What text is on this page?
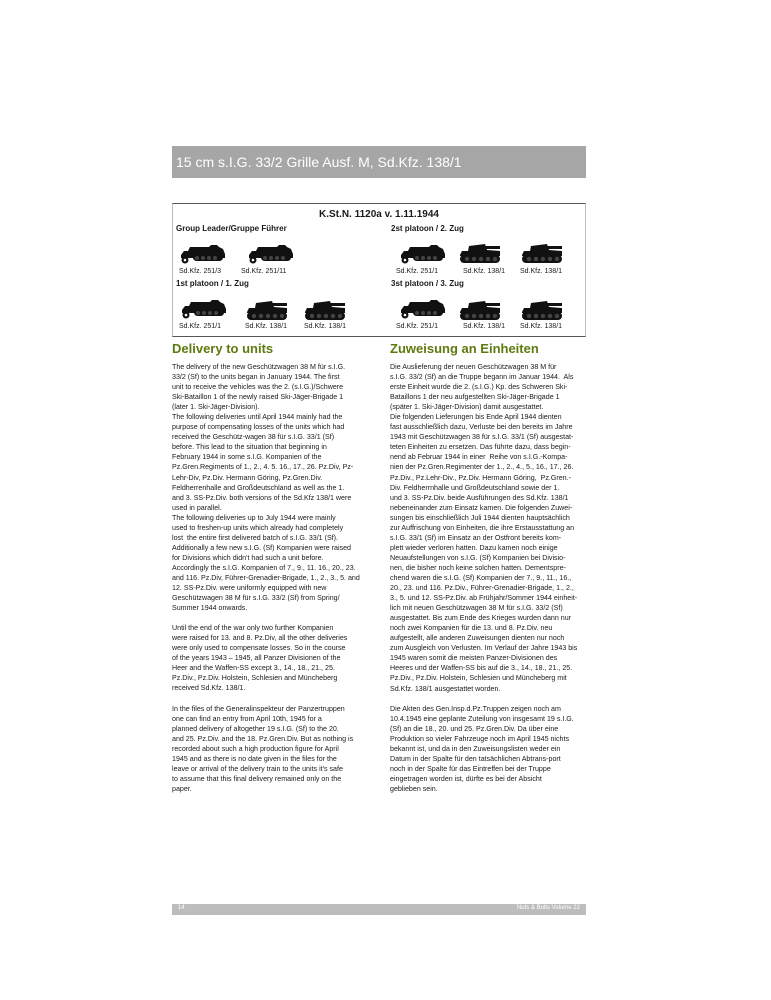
15 cm s.I.G. 33/2 Grille Ausf. M, Sd.Kfz. 138/1
K.St.N. 1120a v. 1.11.1944
Group Leader/Gruppe Führer
Sd.Kfz. 251/3	Sd.Kfz. 251/11
1st platoon / 1. Zug
Sd.Kfz. 251/1	Sd.Kfz. 138/1 Sd.Kfz. 138/1
2st platoon / 2. Zug
Sd.Kfz. 251/1	Sd.Kfz. 138/1 Sd.Kfz. 138/1
3st platoon / 3. Zug
Sd.Kfz. 251/1	Sd.Kfz. 138/1 Sd.Kfz. 138/1
Delivery to units	Zuweisung an Einheiten

The delivery of the new Geschützwagen 38 M für s.I.G.

33/2 (Sf) to the units began in January 1944. The first

unit to receive the vehicles was the 2. (s.I.G.)/Schwere

Ski-Bataillon 1 of the newly raised Ski-Jäger-Brigade 1

(later 1. Ski-Jäger-Division).

The following deliveries until April 1944 mainly had the

purpose of compensating losses of the units which had

received the Geschütz-wagen 38 für s.I.G. 33/1 (Sf)

before. This lead to the situation that beginning in

February 1944 in some s.I.G. Kompanien of the

Pz.Gren.Regiments of 1., 2., 4. 5. 16., 17., 26. Pz.Div, Pz-

Lehr-Div, Pz.Div. Hermann Göring, Pz.Gren.Div.

Feldherrenhalle and Großdeutschland as well as the 1.

and 3. SS-Pz.Div. both versions of the Sd.Kfz 138/1 were

used in parallel.

The following deliveries up to July 1944 were mainly

used to freshen-up units which already had completely

lost  the entire first delivered batch of s.I.G. 33/1 (Sf).

Additionally a few new s.I.G. (Sf) Kompanien were raised

for Divisions which didn't had such a unit before.

Accordingly the s.I.G. Kompanien of 7., 9., 11. 16., 20., 23.

and 116. Pz.Div, Führer-Grenadier-Brigade, 1., 2., 3., 5. and

12. SS-Pz.Div. were uniformly equipped with new

Geschützwagen 38 M für s.I.G. 33/2 (Sf) from Spring/

Summer 1944 onwards.

Until the end of the war only two further Kompanien

were raised for 13. and 8. Pz.Div, all the other deliveries

were only used to compensate losses. So in the course

of the years 1943 – 1945, all Panzer Divisionen of the

Heer and the Waffen-SS except 3., 14., 18., 21., 25.

Pz.Div., Pz.Div. Holstein, Schlesien and Müncheberg

received Sd.Kfz. 138/1.

In the files of the Generalinspekteur der Panzertruppen

one can find an entry from April 10th, 1945 for a

planned delivery of altogether 19 s.I.G. (Sf) to the 20.

and 25. Pz.Div. and the 18. Pz.Gren.Div. But as nothing is

recorded about such a high production figure for April

1945 and as there is no date given in the files for the

leave or arrival of the delivery train to the units it's safe

to assume that this final delivery remained only on the

paper.

Die Auslieferung der neuen Geschützwagen 38 M für

s.I.G. 33/2 (Sf) an die Truppe begann im Januar 1944.  Als

erste Einheit wurde die 2. (s.I.G.) Kp. des Schweren Ski-

Bataillons 1 der neu aufgestellten Ski-Jäger-Brigade 1

(später 1. Ski-Jäger-Division) damit ausgestattet.

Die folgenden Lieferungen bis Ende April 1944 dienten

fast ausschließlich dazu, Verluste bei den bereits im Jahre

1943 mit Geschützwagen 38 für s.I.G. 33/1 (Sf) ausgestat-

teten Einheiten zu ersetzen. Das führte dazu, dass begin-

nend ab Februar 1944 in einer  Reihe von s.I.G.-Kompa-

nien der Pz.Gren.Regimenter der 1., 2., 4., 5., 16., 17., 26.

Pz.Div., Pz.Lehr-Div., Pz.Div. Hermann Göring,  Pz.Gren.-

Div. Feldherrnhalle und Großdeutschland sowie der 1.

und 3. SS-Pz.Div. beide Ausführungen des Sd.Kfz. 138/1

nebeneinander zum Einsatz kamen. Die folgenden Zuwei-

sungen bis einschließlich Juli 1944 dienten hauptsächlich

zur Auffrischung von Einheiten, die ihre Erstausstattung an

s.I.G. 33/1 (Sf) im Einsatz an der Ostfront bereits kom-

plett wieder verloren hatten. Dazu kamen noch einige

Neuaufstellungen von s.I.G. (Sf) Kompanien bei Divisio-

nen, die bisher noch keine solchen hatten. Dementspre-

chend waren die s.I.G. (Sf) Kompanien der 7., 9., 11., 16.,

20., 23. und 116. Pz.Div., Führer-Grenadier-Brigade, 1., 2.,

3., 5. und 12. SS-Pz.Div. ab Frühjahr/Sommer 1944 einheit-

lich mit neuen Geschützwagen 38 M für s.I.G. 33/2 (Sf)

ausgestattet. Bis zum Ende des Krieges wurden dann nur

noch zwei Kompanien für die 13. und 8. Pz.Div. neu

aufgestellt, alle anderen Zuweisungen dienten nur noch

zum Ausgleich von Verlusten. Im Verlauf der Jahre 1943 bis

1945 waren somit die meisten Panzer-Divisionen des

Heeres und der Waffen-SS bis auf die 3., 14., 18., 21., 25.

Pz.Div., Pz.Div. Holstein, Schlesien und Müncheberg mit

Sd.Kfz. 138/1 ausgestattet worden.

Die Akten des Gen.Insp.d.Pz.Truppen zeigen noch am

10.4.1945 eine geplante Zuteilung von insgesamt 19 s.I.G.

(Sf) an die 18., 20. und 25. Pz.Gren.Div. Da über eine

Produktion so vieler Fahrzeuge noch im April 1945 nichts

bekannt ist, und da in den Zuweisungslisten weder ein

Datum in der Spalte für den tatsächlichen Abtrans-port

noch in der Spalte für das Eintreffen bei der Truppe

eingetragen worden ist, dürfte es bei der Absicht

geblieben sein.

14	Nuts & Bolts Volume 22
